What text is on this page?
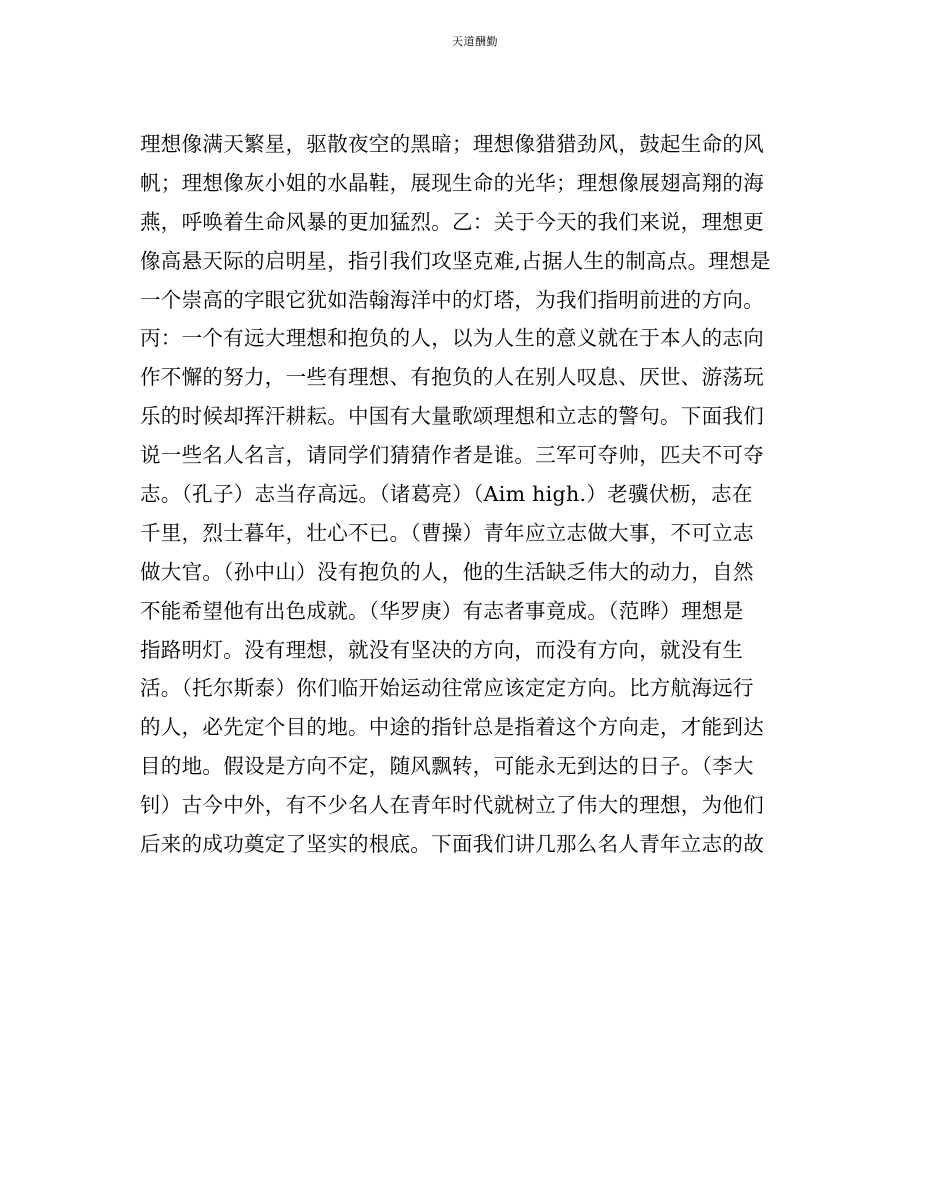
天道酬勤
理想像满天繁星，驱散夜空的黑暗；理想像猎猎劲风，鼓起生命的风
帆；理想像灰小姐的水晶鞋，展现生命的光华；理想像展翅高翔的海
燕，呼唤着生命风暴的更加猛烈。乙：关于今天的我们来说，理想更
像高悬天际的启明星，指引我们攻坚克难,占据人生的制高点。理想是
一个崇高的字眼它犹如浩翰海洋中的灯塔，为我们指明前进的方向。
丙：一个有远大理想和抱负的人，以为人生的意义就在于本人的志向
作不懈的努力，一些有理想、有抱负的人在别人叹息、厌世、游荡玩
乐的时候却挥汗耕耘。中国有大量歌颂理想和立志的警句。下面我们
说一些名人名言，请同学们猜猜作者是谁。三军可夺帅，匹夫不可夺
志。（孔子）志当存高远。（诸葛亮）（Aim high.）老骥伏枥，志在
千里，烈士暮年，壮心不已。（曹操）青年应立志做大事，不可立志
做大官。（孙中山）没有抱负的人，他的生活缺乏伟大的动力，自然
不能希望他有出色成就。（华罗庚）有志者事竟成。（范晔）理想是
指路明灯。没有理想，就没有坚决的方向，而没有方向，就没有生
活。（托尔斯泰）你们临开始运动往常应该定定方向。比方航海远行
的人，必先定个目的地。中途的指针总是指着这个方向走，才能到达
目的地。假设是方向不定，随风飘转，可能永无到达的日子。（李大
钊）古今中外，有不少名人在青年时代就树立了伟大的理想，为他们
后来的成功奠定了坚实的根底。下面我们讲几那么名人青年立志的故
